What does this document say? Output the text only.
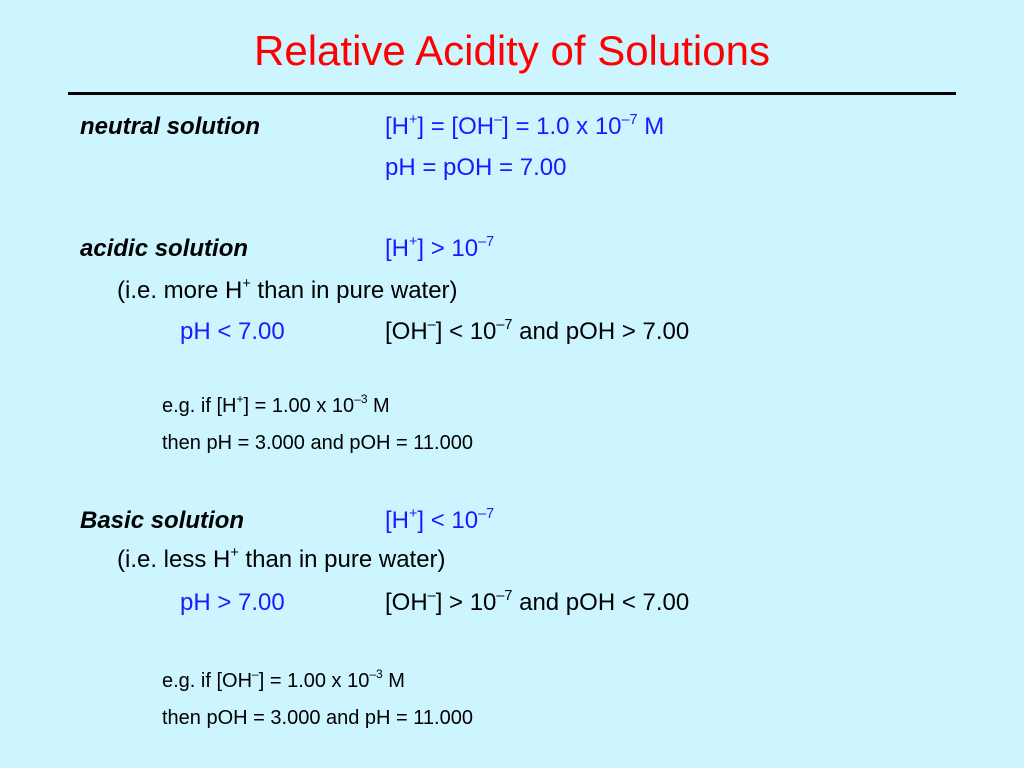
Relative Acidity of Solutions
neutral solution	[H+] = [OH–] = 1.0 x $10^{-7}$ M
pH = pOH = 7.00
acidic solution	$[H^+] > 10^{-7}$
(i.e. more H+ than in pure water)
pH < 7.00	$[OH^-] < 10^{-7}$ and pOH > 7.00
e.g. if [H+] = 1.00 x $10^{-3}$ M
then pH = 3.000 and pOH = 11.000
Basic solution	$[H^+] < 10^{-7}$
(i.e. less H+ than in pure water)
pH > 7.00	$[OH^-] > 10^{-7}$ and pOH < 7.00
e.g. if [OH–] = 1.00 x $10^{-3}$ M
then pOH = 3.000 and pH = 11.000
